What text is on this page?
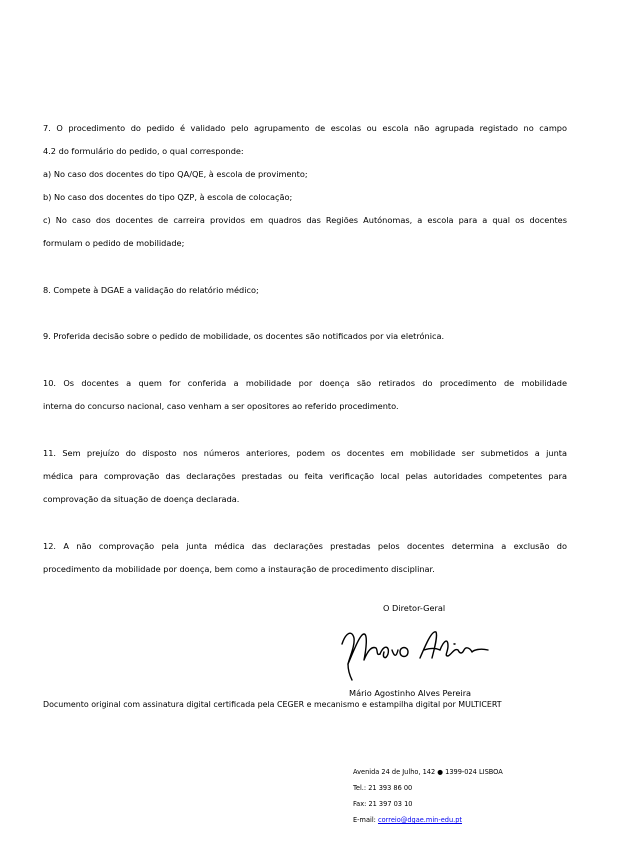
7. O procedimento do pedido é validado pelo agrupamento de escolas ou escola não agrupada registado no campo
4.2 do formulário do pedido, o qual corresponde:
a) No caso dos docentes do tipo QA/QE, à escola de provimento;
b) No caso dos docentes do tipo QZP, à escola de colocação;
c) No caso dos docentes de carreira providos em quadros das Regiões Autónomas, a escola para a qual os docentes
formulam o pedido de mobilidade;
8. Compete à DGAE a validação do relatório médico;
9. Proferida decisão sobre o pedido de mobilidade, os docentes são notificados por via eletrónica.
10. Os docentes a quem for conferida a mobilidade por doença são retirados do procedimento de mobilidade
interna do concurso nacional, caso venham a ser opositores ao referido procedimento.
11. Sem prejuízo do disposto nos números anteriores, podem os docentes em mobilidade ser submetidos a junta
médica para comprovação das declarações prestadas ou feita verificação local pelas autoridades competentes para
comprovação da situação de doença declarada.
12. A não comprovação pela junta médica das declarações prestadas pelos docentes determina a exclusão do
procedimento da mobilidade por doença, bem como a instauração de procedimento disciplinar.
O Diretor-Geral
Mário Agostinho Alves Pereira
Documento original com assinatura digital certificada pela CEGER e mecanismo e estampilha digital por MULTICERT
Avenida 24 de Julho, 142 ● 1399-024 LISBOA
Tel.: 21 393 86 00
Fax: 21 397 03 10
E-mail: correio@dgae.min-edu.pt
